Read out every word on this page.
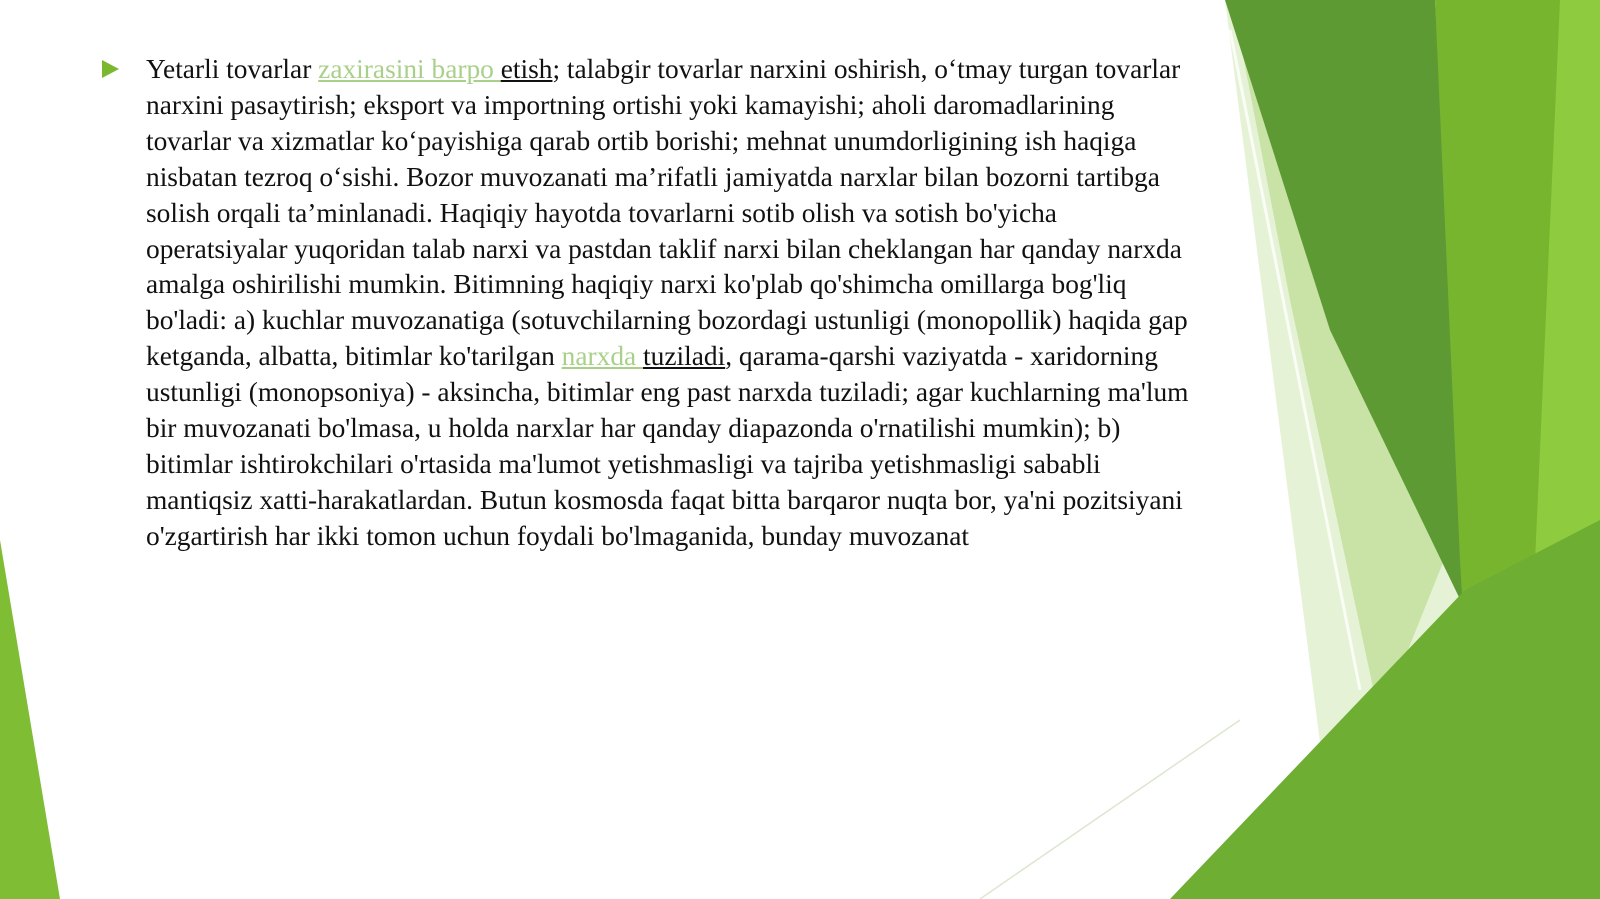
Yetarli tovarlar zaxirasini barpo etish; talabgir tovarlar narxini oshirish, o‘tmay turgan tovarlar narxini pasaytirish; eksport va importning ortishi yoki kamayishi; aholi daromadlarining tovarlar va xizmatlar ko‘payishiga qarab ortib borishi; mehnat unumdorligining ish haqiga nisbatan tezroq o‘sishi. Bozor muvozanati ma’rifatli jamiyatda narxlar bilan bozorni tartibga solish orqali ta’minlanadi. Haqiqiy hayotda tovarlarni sotib olish va sotish bo'yicha operatsiyalar yuqoridan talab narxi va pastdan taklif narxi bilan cheklangan har qanday narxda amalga oshirilishi mumkin. Bitimning haqiqiy narxi ko'plab qo'shimcha omillarga bog'liq bo'ladi: a) kuchlar muvozanatiga (sotuvchilarning bozordagi ustunligi (monopollik) haqida gap ketganda, albatta, bitimlar ko'tarilgan narxda tuziladi, qarama-qarshi vaziyatda - xaridorning ustunligi (monopsoniya) - aksincha, bitimlar eng past narxda tuziladi; agar kuchlarning ma'lum bir muvozanati bo'lmasa, u holda narxlar har qanday diapazonda o'rnatilishi mumkin); b) bitimlar ishtirokchilari o'rtasida ma'lumot yetishmasligi va tajriba yetishmasligi sababli mantiqsiz xatti-harakatlardan. Butun kosmosda faqat bitta barqaror nuqta bor, ya'ni pozitsiyani o'zgartirish har ikki tomon uchun foydali bo'lmaganida, bunday muvozanat
